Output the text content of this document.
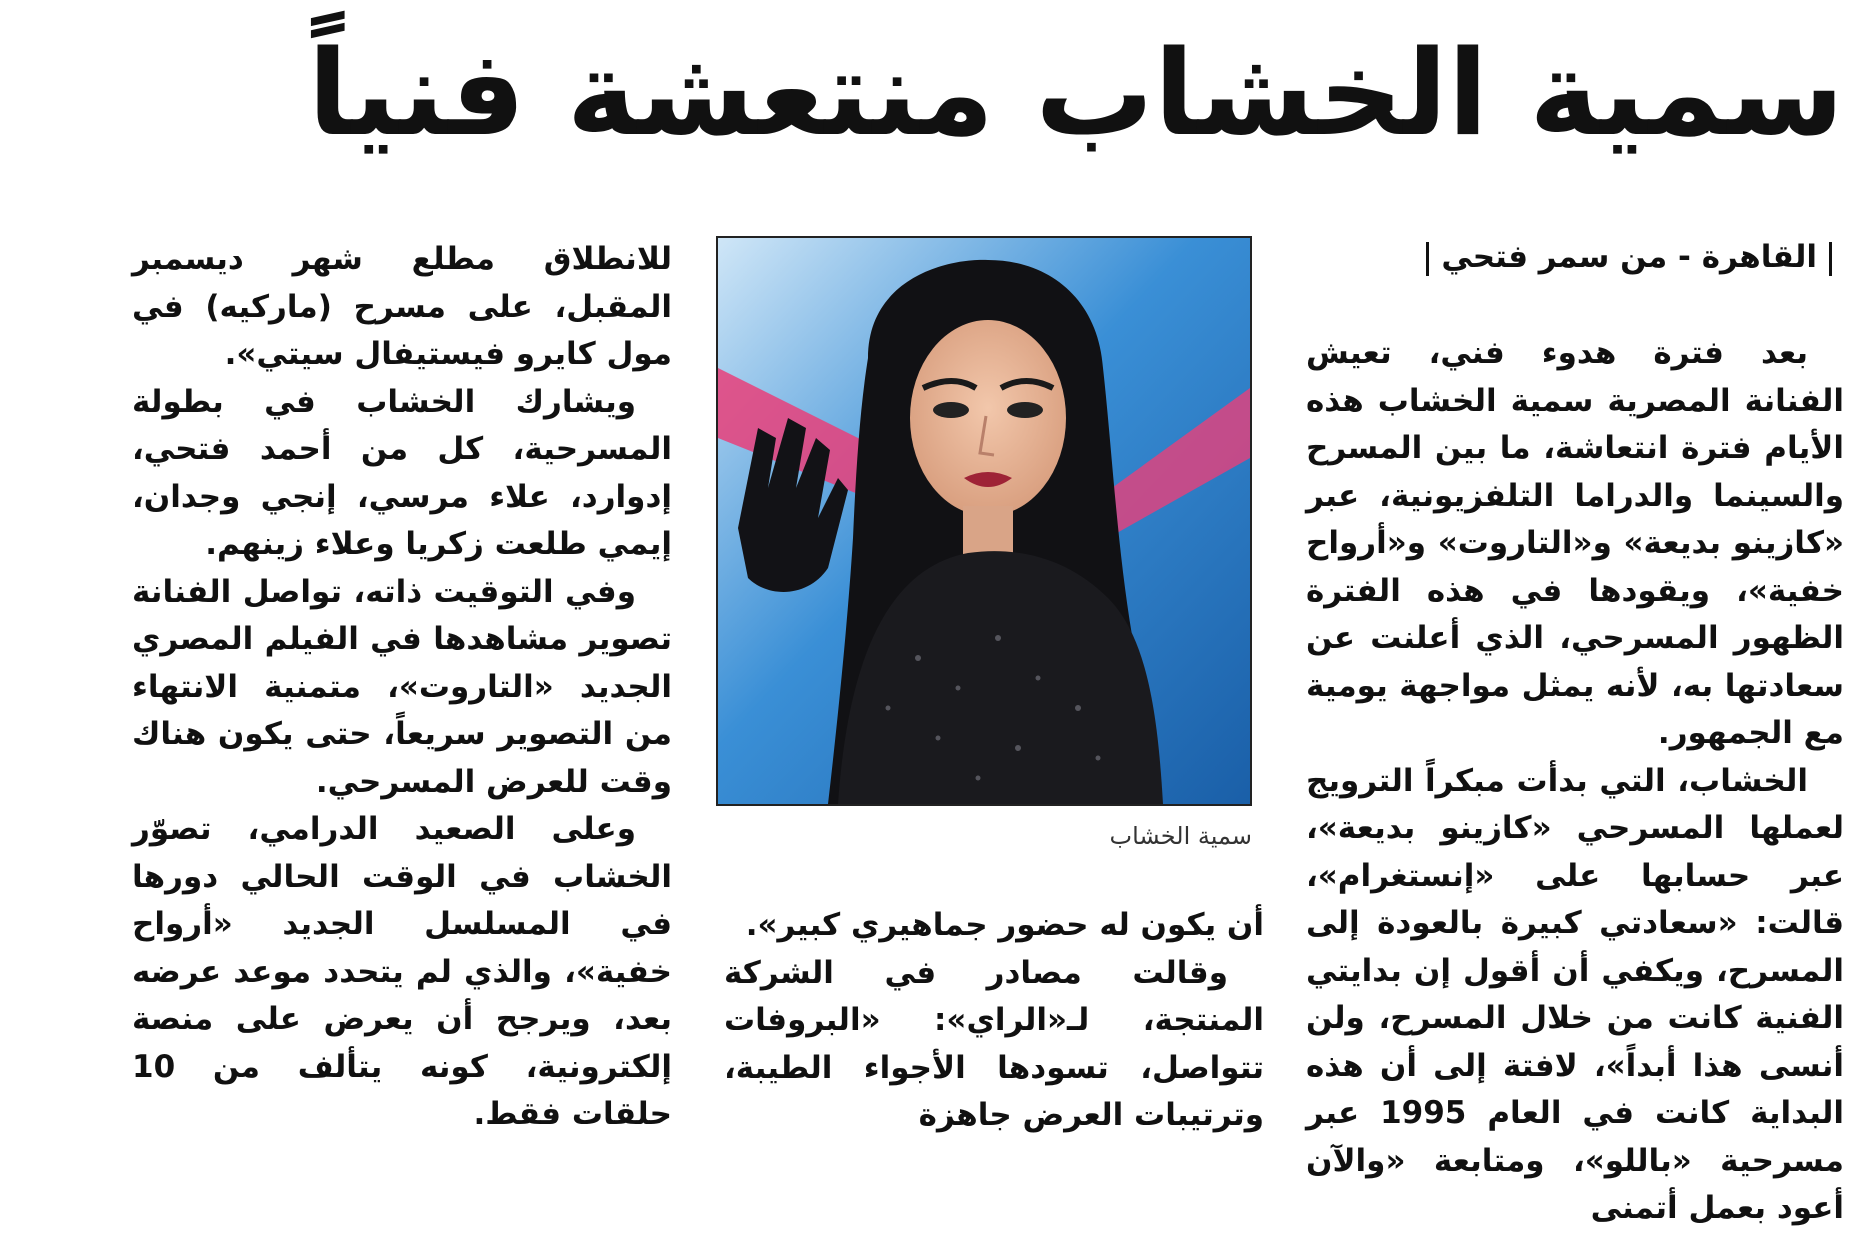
سمية الخشاب منتعشة فنياً
القاهرة - من سمر فتحي

بعد فترة هدوء فني، تعيش الفنانة المصرية سمية الخشاب هذه الأيام فترة انتعاشة، ما بين المسرح والسينما والدراما التلفزيونية، عبر «كازينو بديعة» و«التاروت» و«أرواح خفية»، ويقودها في هذه الفترة الظهور المسرحي، الذي أعلنت عن سعادتها به، لأنه يمثل مواجهة يومية مع الجمهور.

الخشاب، التي بدأت مبكراً الترويج لعملها المسرحي «كازينو بديعة»، عبر حسابها على «إنستغرام»، قالت: «سعادتي كبيرة بالعودة إلى المسرح، ويكفي أن أقول إن بدايتي الفنية كانت من خلال المسرح، ولن أنسى هذا أبداً»، لافتة إلى أن هذه البداية كانت في العام 1995 عبر مسرحية «باللو»، ومتابعة «والآن أعود بعمل أتمنى

سمية الخشاب

أن يكون له حضور جماهيري كبير».

وقالت مصادر في الشركة المنتجة، لـ«الراي»: «البروفات تتواصل، تسودها الأجواء الطيبة، وترتيبات العرض جاهزة

للانطلاق مطلع شهر ديسمبر المقبل، على مسرح (ماركيه) في مول كايرو فيستيفال سيتي».

ويشارك الخشاب في بطولة المسرحية، كل من أحمد فتحي، إدوارد، علاء مرسي، إنجي وجدان، إيمي طلعت زكريا وعلاء زينهم.

وفي التوقيت ذاته، تواصل الفنانة تصوير مشاهدها في الفيلم المصري الجديد «التاروت»، متمنية الانتهاء من التصوير سريعاً، حتى يكون هناك وقت للعرض المسرحي.

وعلى الصعيد الدرامي، تصوّر الخشاب في الوقت الحالي دورها في المسلسل الجديد «أرواح خفية»، والذي لم يتحدد موعد عرضه بعد، ويرجح أن يعرض على منصة إلكترونية، كونه يتألف من 10 حلقات فقط.
